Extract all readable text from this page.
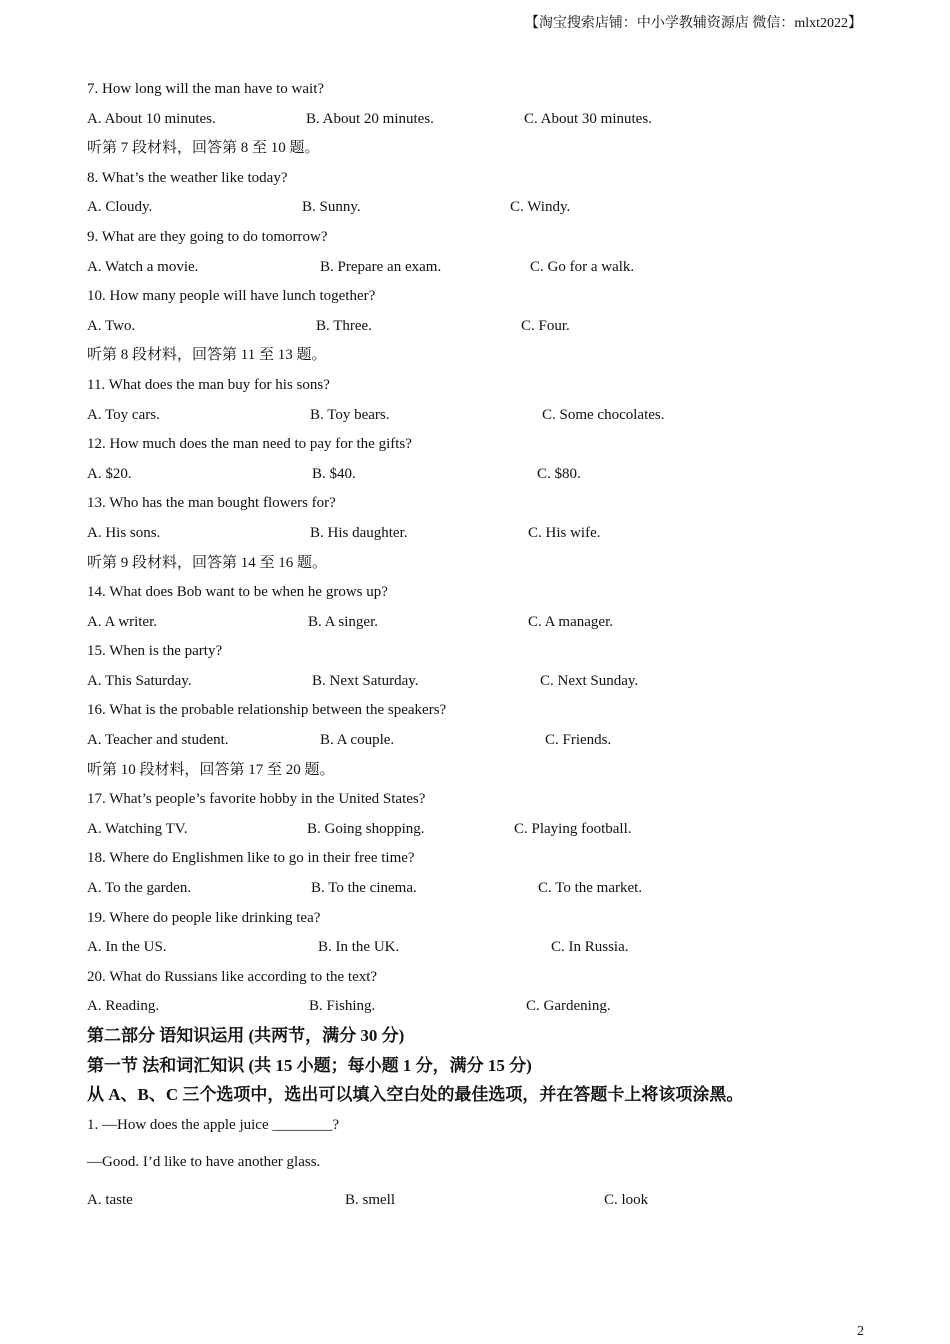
【淘宝搜索店铺：中小学教辅资源店 微信：mlxt2022】
7. How long will the man have to wait?
A. About 10 minutes.	B. About 20 minutes.	C. About 30 minutes.
听第 7 段材料，回答第 8 至 10 题。
8. What’s the weather like today?
A. Cloudy.	B. Sunny.	C. Windy.
9. What are they going to do tomorrow?
A. Watch a movie.	B. Prepare an exam.	C. Go for a walk.
10. How many people will have lunch together?
A. Two.	B. Three.	C. Four.
听第 8 段材料，回答第 11 至 13 题。
11. What does the man buy for his sons?
A. Toy cars.	B. Toy bears.	C. Some chocolates.
12. How much does the man need to pay for the gifts?
A. $20.	B. $40.	C. $80.
13. Who has the man bought flowers for?
A. His sons.	B. His daughter.	C. His wife.
听第 9 段材料，回答第 14 至 16 题。
14. What does Bob want to be when he grows up?
A. A writer.	B. A singer.	C. A manager.
15. When is the party?
A. This Saturday.	B. Next Saturday.	C. Next Sunday.
16. What is the probable relationship between the speakers?
A. Teacher and student.	B. A couple.	C. Friends.
听第 10 段材料，回答第 17 至 20 题。
17. What’s people’s favorite hobby in the United States?
A. Watching TV.	B. Going shopping.	C. Playing football.
18. Where do Englishmen like to go in their free time?
A. To the garden.	B. To the cinema.	C. To the market.
19. Where do people like drinking tea?
A. In the US.	B. In the UK.	C. In Russia.
20. What do Russians like according to the text?
A. Reading.	B. Fishing.	C. Gardening.
第二部分 语知识运用 (共两节，满分 30 分)
第一节 法和词汇知识 (共 15 小题；每小题 1 分，满分 15 分)
从 A、B、C 三个选项中，选出可以填入空白处的最佳选项，并在答题卡上将该项涂黑。
1. —How does the apple juice ________?
—Good. I’d like to have another glass.
A. taste	B. smell	C. look
2
